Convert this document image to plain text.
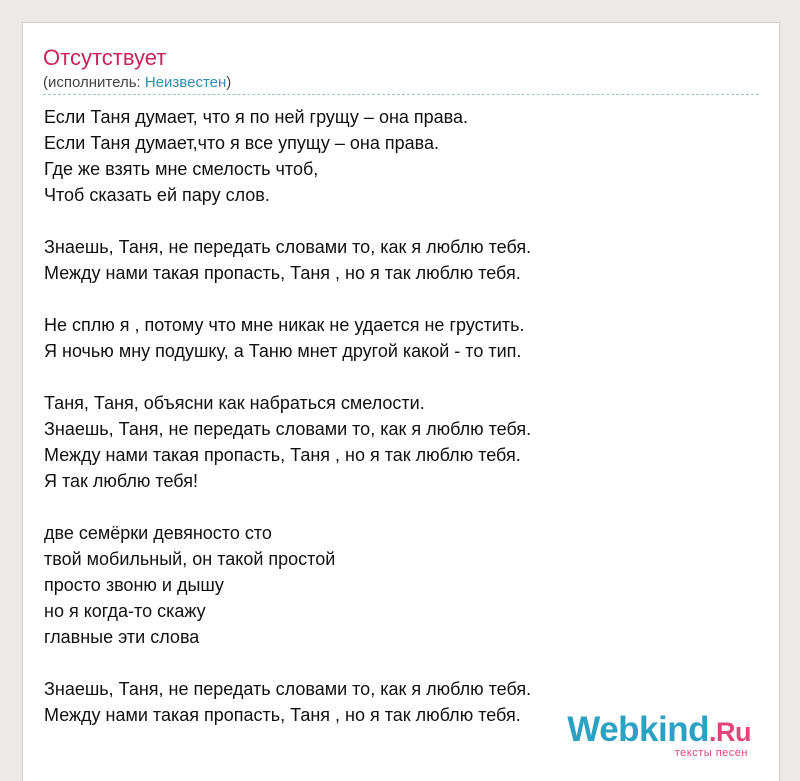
Отсутствует
(исполнитель: Неизвестен)
Если Таня думает, что я по ней грущу – она права.
Если Таня думает,что я все упущу – она права.
Где же взять мне смелость чтоб,
Чтоб сказать ей пару слов.
Знаешь, Таня, не передать словами то, как я люблю тебя.
Между нами такая пропасть, Таня , но я так люблю тебя.
Не сплю я , потому что мне никак не удается не грустить.
Я ночью мну подушку, а Таню мнет другой какой - то тип.
Таня, Таня, объясни как набраться смелости.
Знаешь, Таня, не передать словами то, как я люблю тебя.
Между нами такая пропасть, Таня , но я так люблю тебя.
Я так люблю тебя!
две семёрки девяносто сто
твой мобильный, он такой простой
просто звоню и дышу
но я когда-то скажу
главные эти слова
Знаешь, Таня, не передать словами то, как я люблю тебя.
Между нами такая пропасть, Таня , но я так люблю тебя.	Webkind.Ru
тексты песен
